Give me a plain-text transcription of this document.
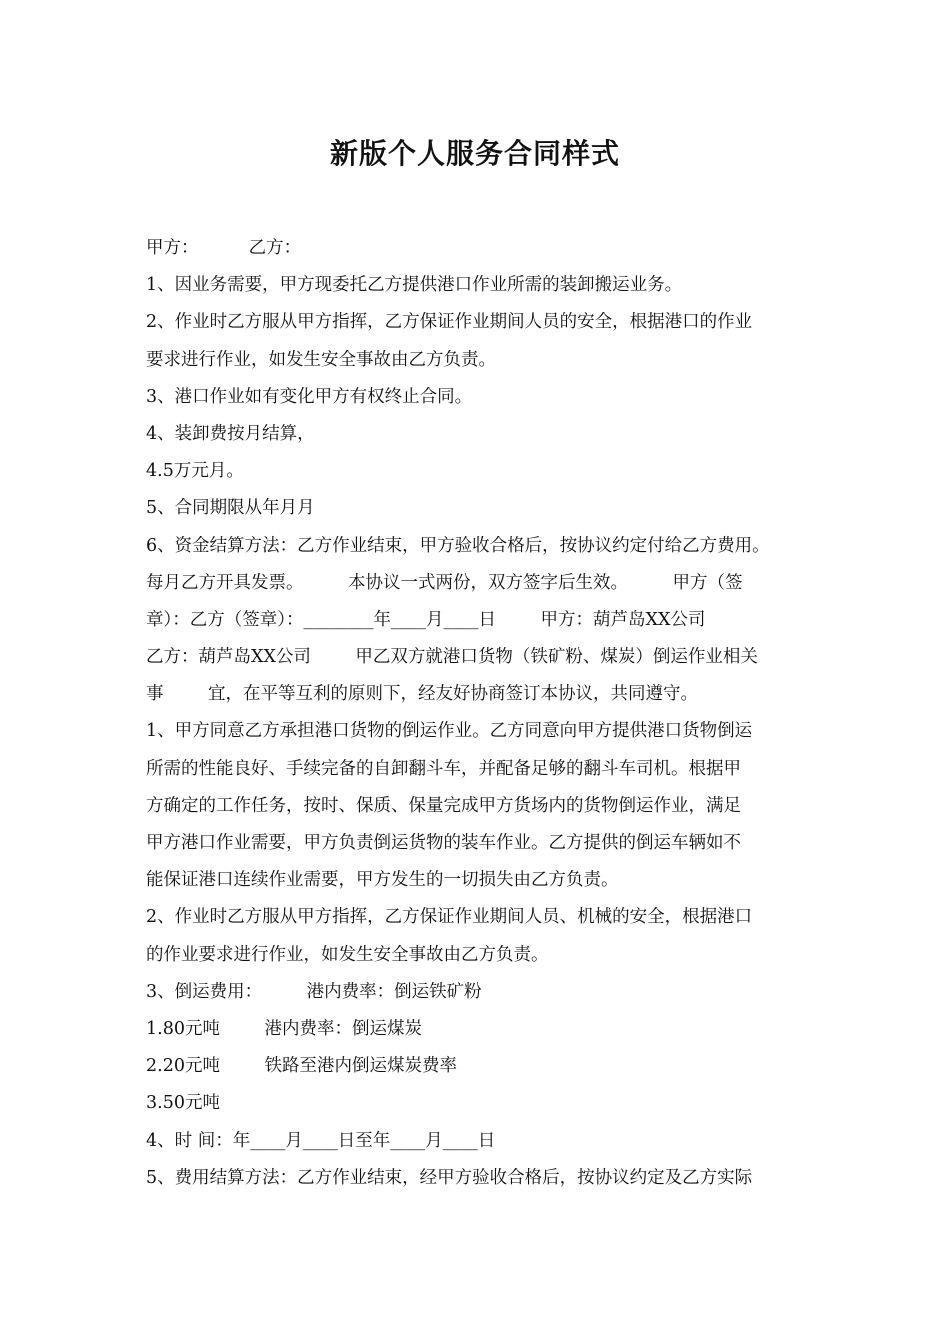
新版个人服务合同样式
甲方：         乙方：
1、因业务需要，甲方现委托乙方提供港口作业所需的装卸搬运业务。
2、作业时乙方服从甲方指挥，乙方保证作业期间人员的安全，根据港口的作业
要求进行作业，如发生安全事故由乙方负责。
3、港口作业如有变化甲方有权终止合同。
4、装卸费按月结算，
4.5万元月。
5、合同期限从年月月
6、资金结算方法：乙方作业结束，甲方验收合格后，按协议约定付给乙方费用。
每月乙方开具发票。        本协议一式两份，双方签字后生效。        甲方（签
章）：乙方（签章）：________年____月____日        甲方：葫芦岛XX公司
乙方：葫芦岛XX公司        甲乙双方就港口货物（铁矿粉、煤炭）倒运作业相关
事        宜，在平等互利的原则下，经友好协商签订本协议，共同遵守。
1、甲方同意乙方承担港口货物的倒运作业。乙方同意向甲方提供港口货物倒运
所需的性能良好、手续完备的自卸翻斗车，并配备足够的翻斗车司机。根据甲
方确定的工作任务，按时、保质、保量完成甲方货场内的货物倒运作业，满足
甲方港口作业需要，甲方负责倒运货物的装车作业。乙方提供的倒运车辆如不
能保证港口连续作业需要，甲方发生的一切损失由乙方负责。
2、作业时乙方服从甲方指挥，乙方保证作业期间人员、机械的安全，根据港口
的作业要求进行作业，如发生安全事故由乙方负责。
3、倒运费用：        港内费率：倒运铁矿粉
1.80元吨        港内费率：倒运煤炭
2.20元吨        铁路至港内倒运煤炭费率
3.50元吨
4、时 间：年____月____日至年____月____日
5、费用结算方法：乙方作业结束，经甲方验收合格后，按协议约定及乙方实际
